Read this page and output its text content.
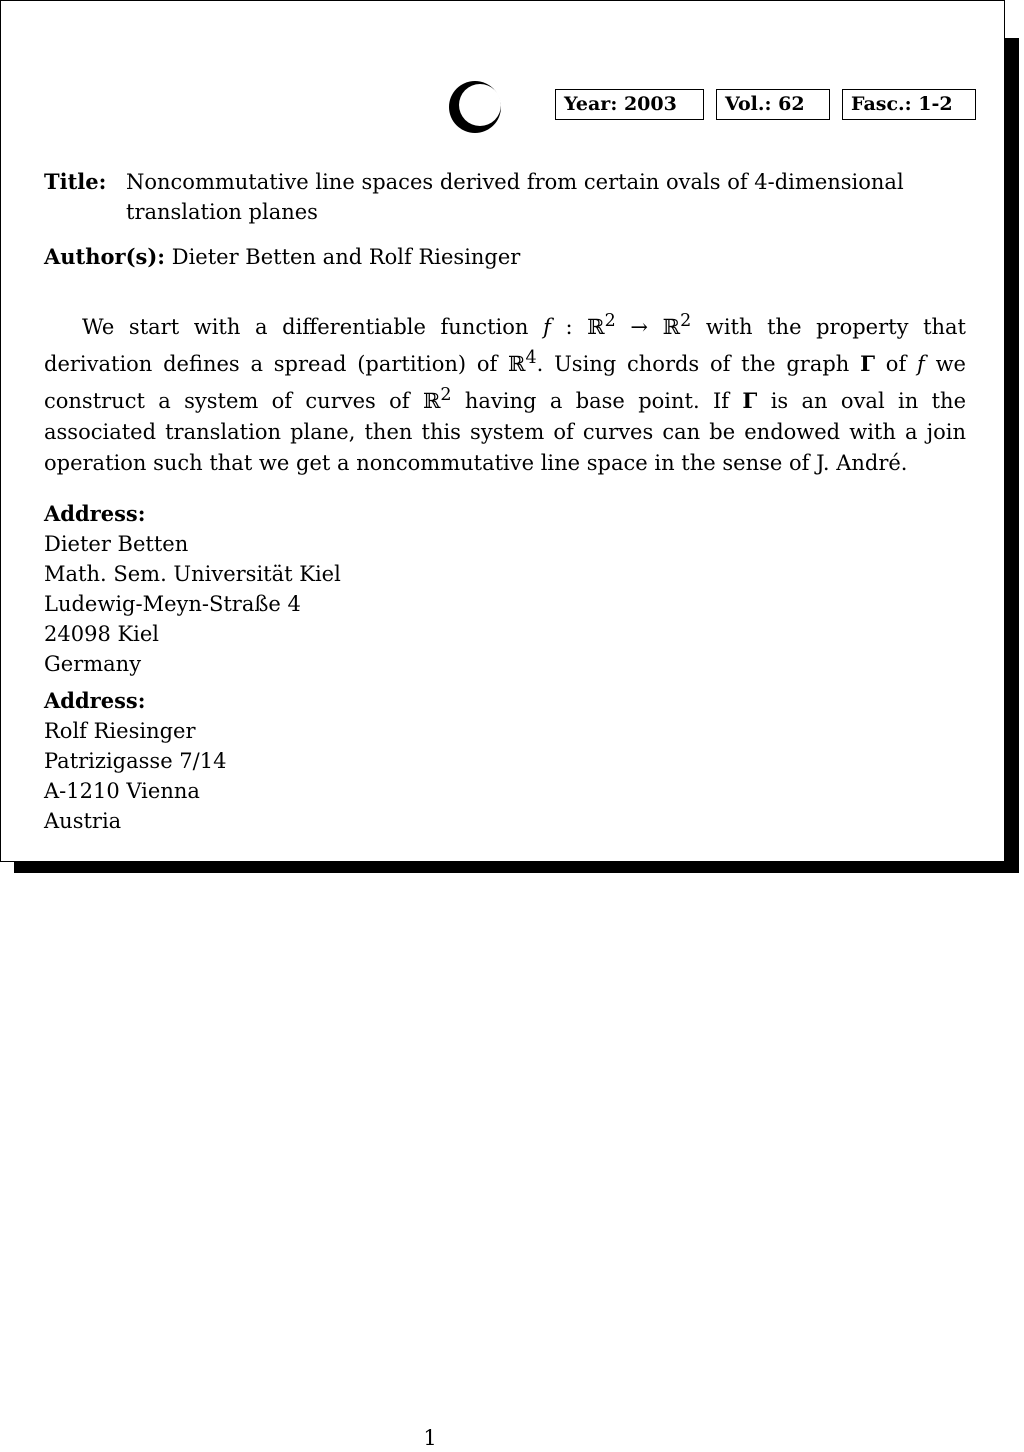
Year: 2003	Vol.: 62	Fasc.: 1-2
Title: Noncommutative line spaces derived from certain ovals of 4-dimensional translation planes
Author(s): Dieter Betten and Rolf Riesinger

We start with a differentiable function f : ℝ$^2$ → ℝ$^2$ with the property that derivation defines a spread (partition) of ℝ$^4$. Using chords of the graph Γ of f we construct a system of curves of ℝ$^2$ having a base point. If Γ is an oval in the associated translation plane, then this system of curves can be endowed with a join operation such that we get a noncommutative line space in the sense of J. André.

Address:
Dieter Betten
Math. Sem. Universität Kiel
Ludewig-Meyn-Straße 4
24098 Kiel
Germany
Address:
Rolf Riesinger
Patrizigasse 7/14
A-1210 Vienna
Austria
1
